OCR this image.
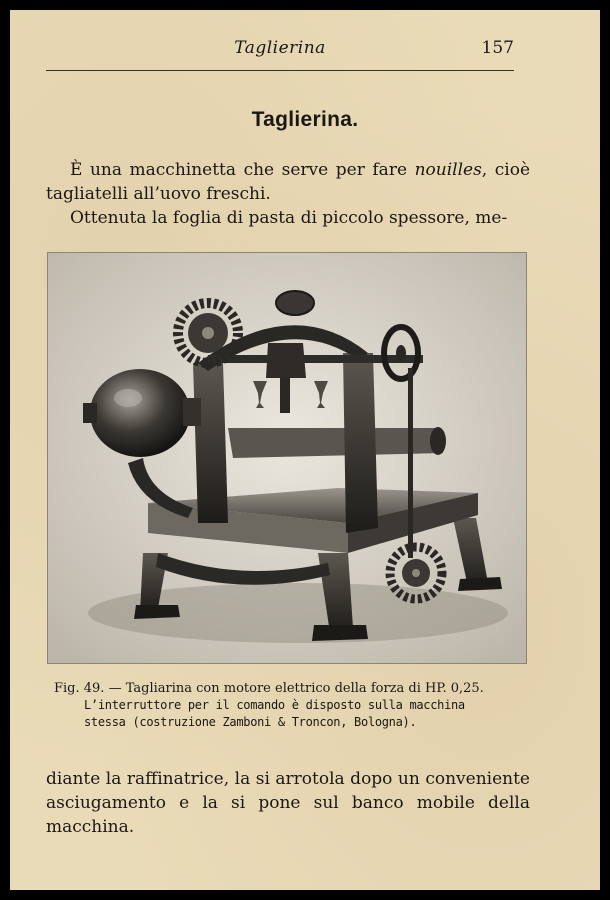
Taglierina	157
Taglierina.
È una macchinetta che serve per fare nouilles, cioè tagliatelli all’uovo freschi.
Ottenuta la foglia di pasta di piccolo spessore, me-
Fig. 49. — Tagliarina con motore elettrico della forza di HP. 0,25.
L’interruttore per il comando è disposto sulla macchina
stessa (costruzione Zamboni & Troncon, Bologna).
diante la raffinatrice, la si arrotola dopo un conveniente asciugamento e la si pone sul banco mobile della macchina.
